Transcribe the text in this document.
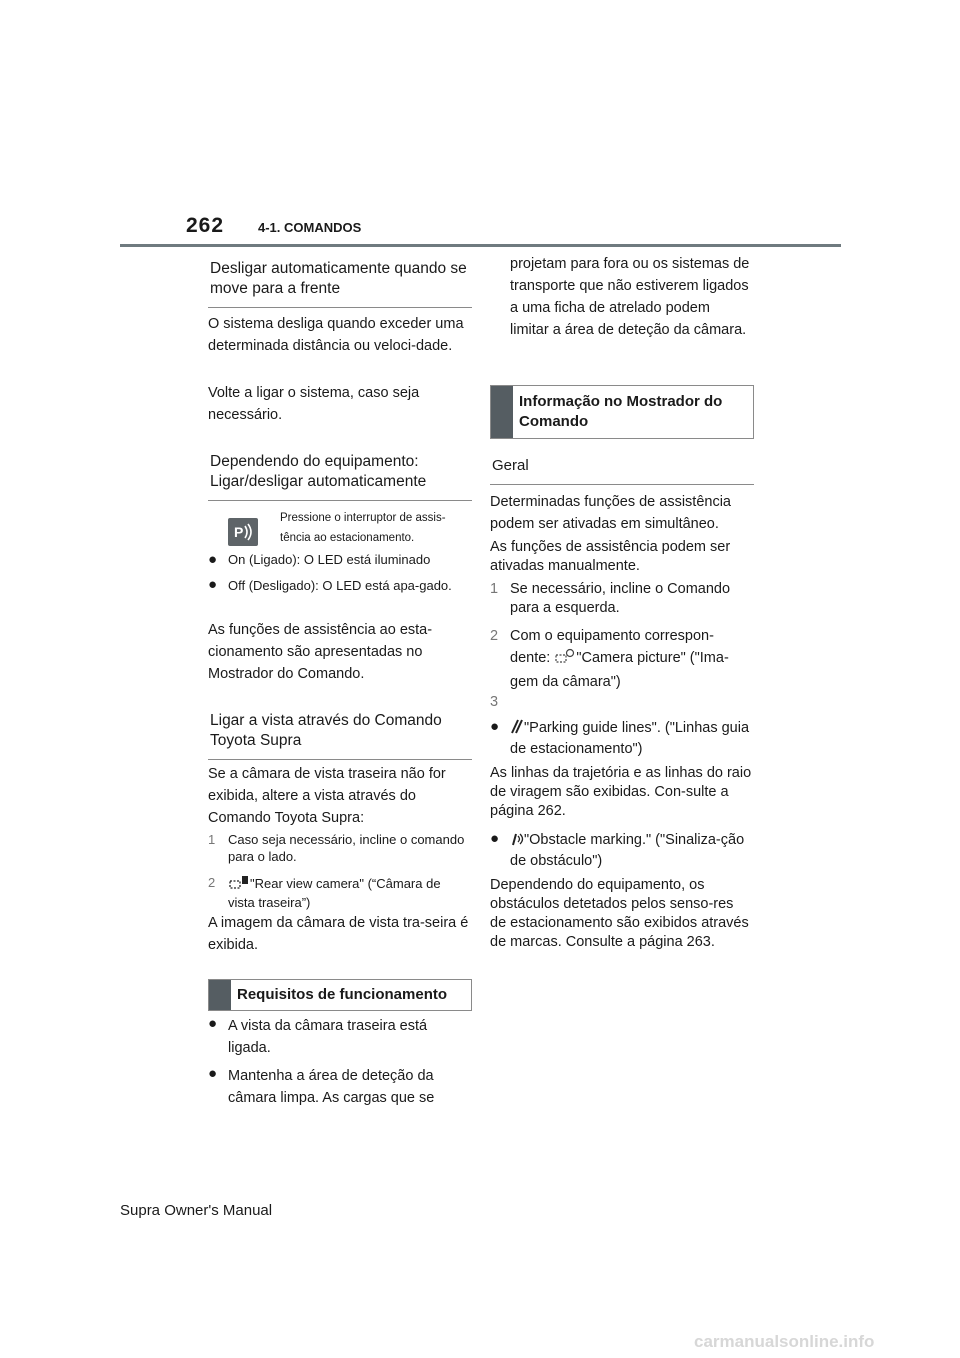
262	4-1. COMANDOS
Desligar automaticamente quando se move para a frente

O sistema desliga quando exceder uma determinada distância ou veloci-dade.

Volte a ligar o sistema, caso seja necessário.

Dependendo do equipamento: Ligar/desligar automaticamente
P

Pressione o interruptor de assis-tência ao estacionamento.

● On (Ligado): O LED está iluminado
● Off (Desligado): O LED está apa-gado.

As funções de assistência ao esta-cionamento são apresentadas no Mostrador do Comando.

Ligar a vista através do Comando Toyota Supra

Se a câmara de vista traseira não for exibida, altere a vista através do Comando Toyota Supra:

1 Caso seja necessário, incline o comando para o lado.
2	"Rear view camera" (“Câmara de vista traseira”)

A imagem da câmara de vista tra-seira é exibida.

Requisitos de funcionamento
● A vista da câmara traseira está ligada.
● Mantenha a área de deteção da câmara limpa. As cargas que se

projetam para fora ou os sistemas de transporte que não estiverem ligados a uma ficha de atrelado podem limitar a área de deteção da câmara.

Informação no Mostrador do Comando
Geral

Determinadas funções de assistência podem ser ativadas em simultâneo.

As funções de assistência podem ser ativadas manualmente.

1 Se necessário, incline o Comando para a esquerda.
2 Com o equipamento correspon-dente: "Camera picture" ("Ima-gem da câmara")
3
●	"Parking guide lines". ("Linhas guia de estacionamento")

As linhas da trajetória e as linhas do raio de viragem são exibidas. Con-sulte a página 262.

●	"Obstacle marking." ("Sinaliza-ção de obstáculo")

Dependendo do equipamento, os obstáculos detetados pelos senso-res de estacionamento são exibidos através de marcas. Consulte a página 263.

Supra Owner's Manual
carmanualsonline.info
